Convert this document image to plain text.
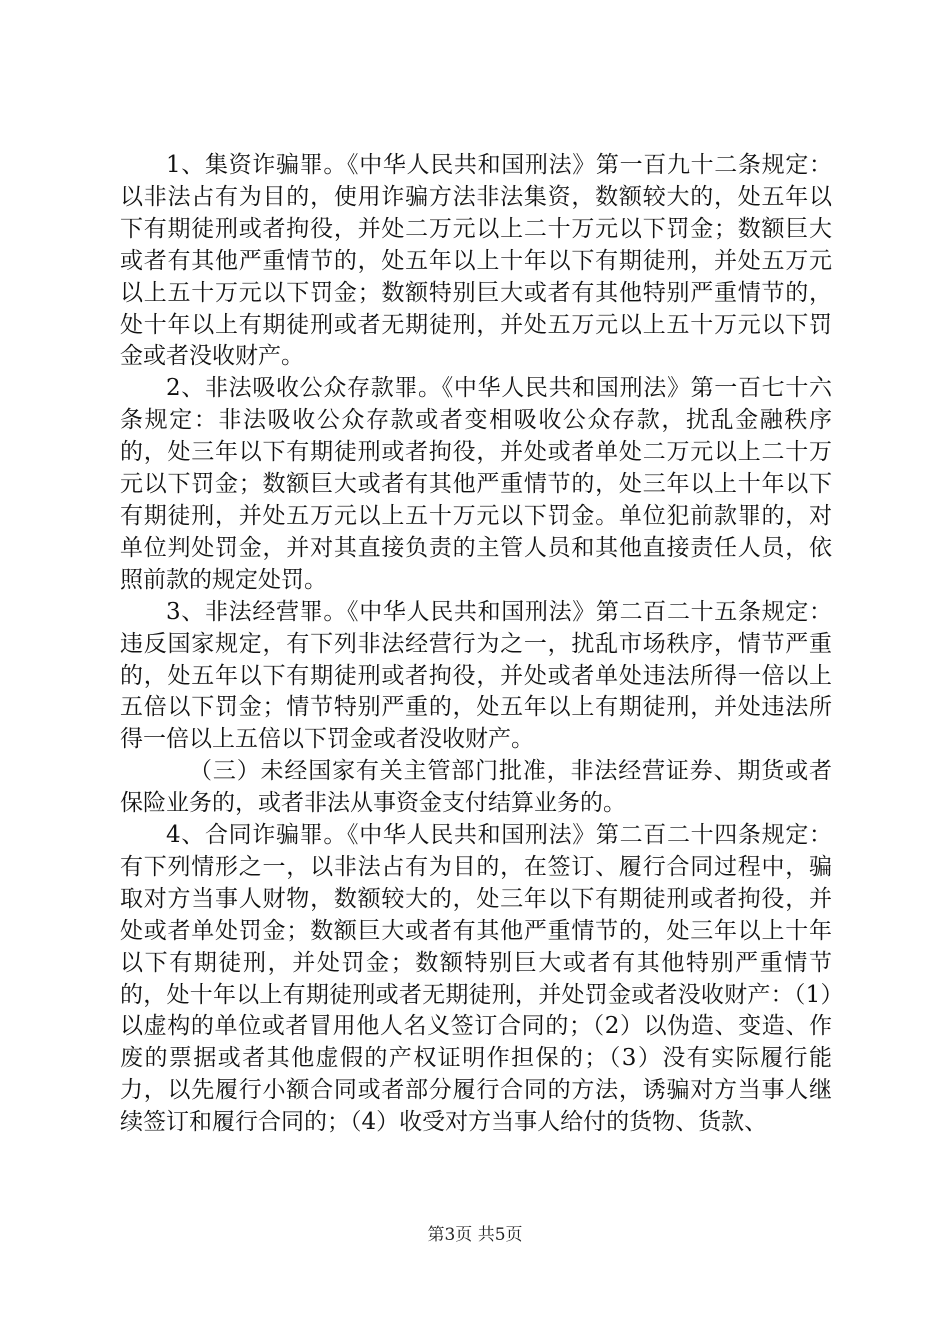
1、集资诈骗罪。《中华人民共和国刑法》第一百九十二条规定：以非法占有为目的，使用诈骗方法非法集资，数额较大的，处五年以下有期徒刑或者拘役，并处二万元以上二十万元以下罚金；数额巨大或者有其他严重情节的，处五年以上十年以下有期徒刑，并处五万元以上五十万元以下罚金；数额特别巨大或者有其他特别严重情节的，处十年以上有期徒刑或者无期徒刑，并处五万元以上五十万元以下罚金或者没收财产。

2、非法吸收公众存款罪。《中华人民共和国刑法》第一百七十六条规定：非法吸收公众存款或者变相吸收公众存款，扰乱金融秩序的，处三年以下有期徒刑或者拘役，并处或者单处二万元以上二十万元以下罚金；数额巨大或者有其他严重情节的，处三年以上十年以下有期徒刑，并处五万元以上五十万元以下罚金。单位犯前款罪的，对单位判处罚金，并对其直接负责的主管人员和其他直接责任人员，依照前款的规定处罚。

3、非法经营罪。《中华人民共和国刑法》第二百二十五条规定：违反国家规定，有下列非法经营行为之一，扰乱市场秩序，情节严重的，处五年以下有期徒刑或者拘役，并处或者单处违法所得一倍以上五倍以下罚金；情节特别严重的，处五年以上有期徒刑，并处违法所得一倍以上五倍以下罚金或者没收财产。

（三）未经国家有关主管部门批准，非法经营证券、期货或者保险业务的，或者非法从事资金支付结算业务的。

4、合同诈骗罪。《中华人民共和国刑法》第二百二十四条规定：有下列情形之一，以非法占有为目的，在签订、履行合同过程中，骗取对方当事人财物，数额较大的，处三年以下有期徒刑或者拘役，并处或者单处罚金；数额巨大或者有其他严重情节的，处三年以上十年以下有期徒刑，并处罚金；数额特别巨大或者有其他特别严重情节的，处十年以上有期徒刑或者无期徒刑，并处罚金或者没收财产：（1）以虚构的单位或者冒用他人名义签订合同的；（2）以伪造、变造、作废的票据或者其他虚假的产权证明作担保的；（3）没有实际履行能力，以先履行小额合同或者部分履行合同的方法，诱骗对方当事人继续签订和履行合同的；（4）收受对方当事人给付的货物、货款、

第3页 共5页
